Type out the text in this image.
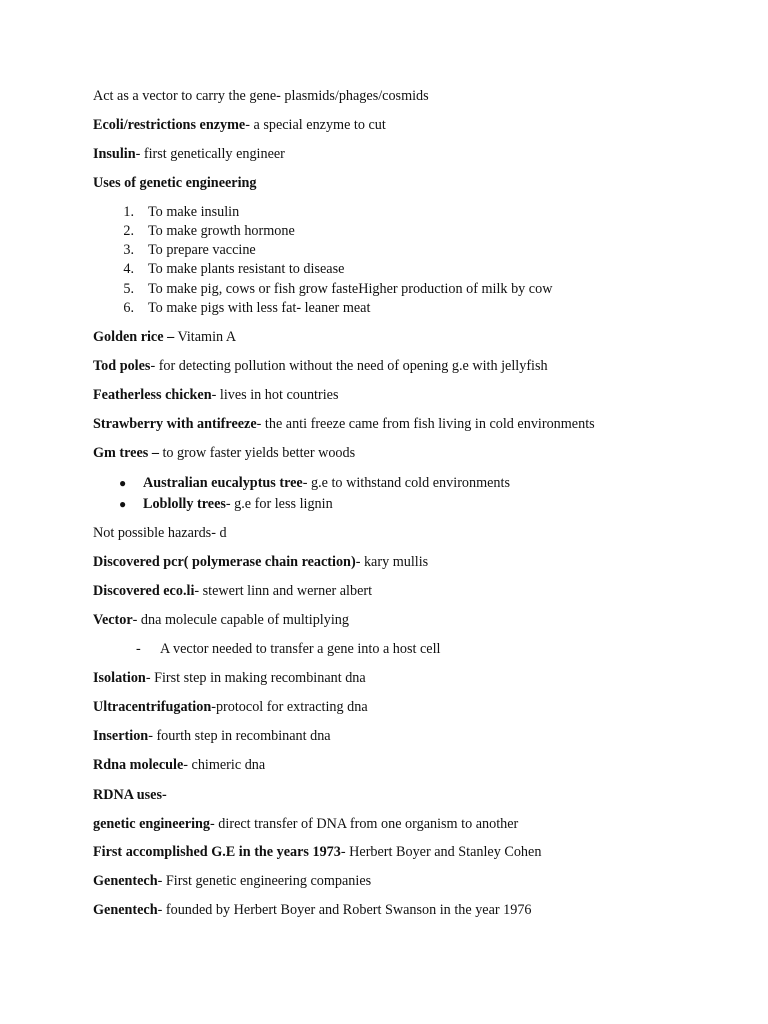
Act as a vector to carry the gene- plasmids/phages/cosmids
Ecoli/restrictions enzyme- a special enzyme to cut
Insulin- first genetically engineer
Uses of genetic engineering
1. To make insulin
2. To make growth hormone
3. To prepare vaccine
4. To make plants resistant to disease
5. To make pig, cows or fish grow fasteHigher production of milk by cow
6. To make pigs with less fat- leaner meat
Golden rice – Vitamin A
Tod poles- for detecting pollution without the need of opening g.e with jellyfish
Featherless chicken- lives in hot countries
Strawberry with antifreeze- the anti freeze came from fish living in cold environments
Gm trees – to grow faster yields better woods
● Australian eucalyptus tree- g.e to withstand cold environments
● Loblolly trees- g.e for less lignin
Not possible hazards- d
Discovered pcr( polymerase chain reaction)- kary mullis
Discovered eco.li- stewert linn and werner albert
Vector- dna molecule capable of multiplying
- A vector needed to transfer a gene into a host cell
Isolation- First step in making recombinant dna
Ultracentrifugation-protocol for extracting dna
Insertion- fourth step in recombinant dna
Rdna molecule- chimeric dna
RDNA uses-
genetic engineering- direct transfer of DNA from one organism to another
First accomplished G.E in the years 1973- Herbert Boyer and Stanley Cohen
Genentech- First genetic engineering companies
Genentech- founded by Herbert Boyer and Robert Swanson in the year 1976
